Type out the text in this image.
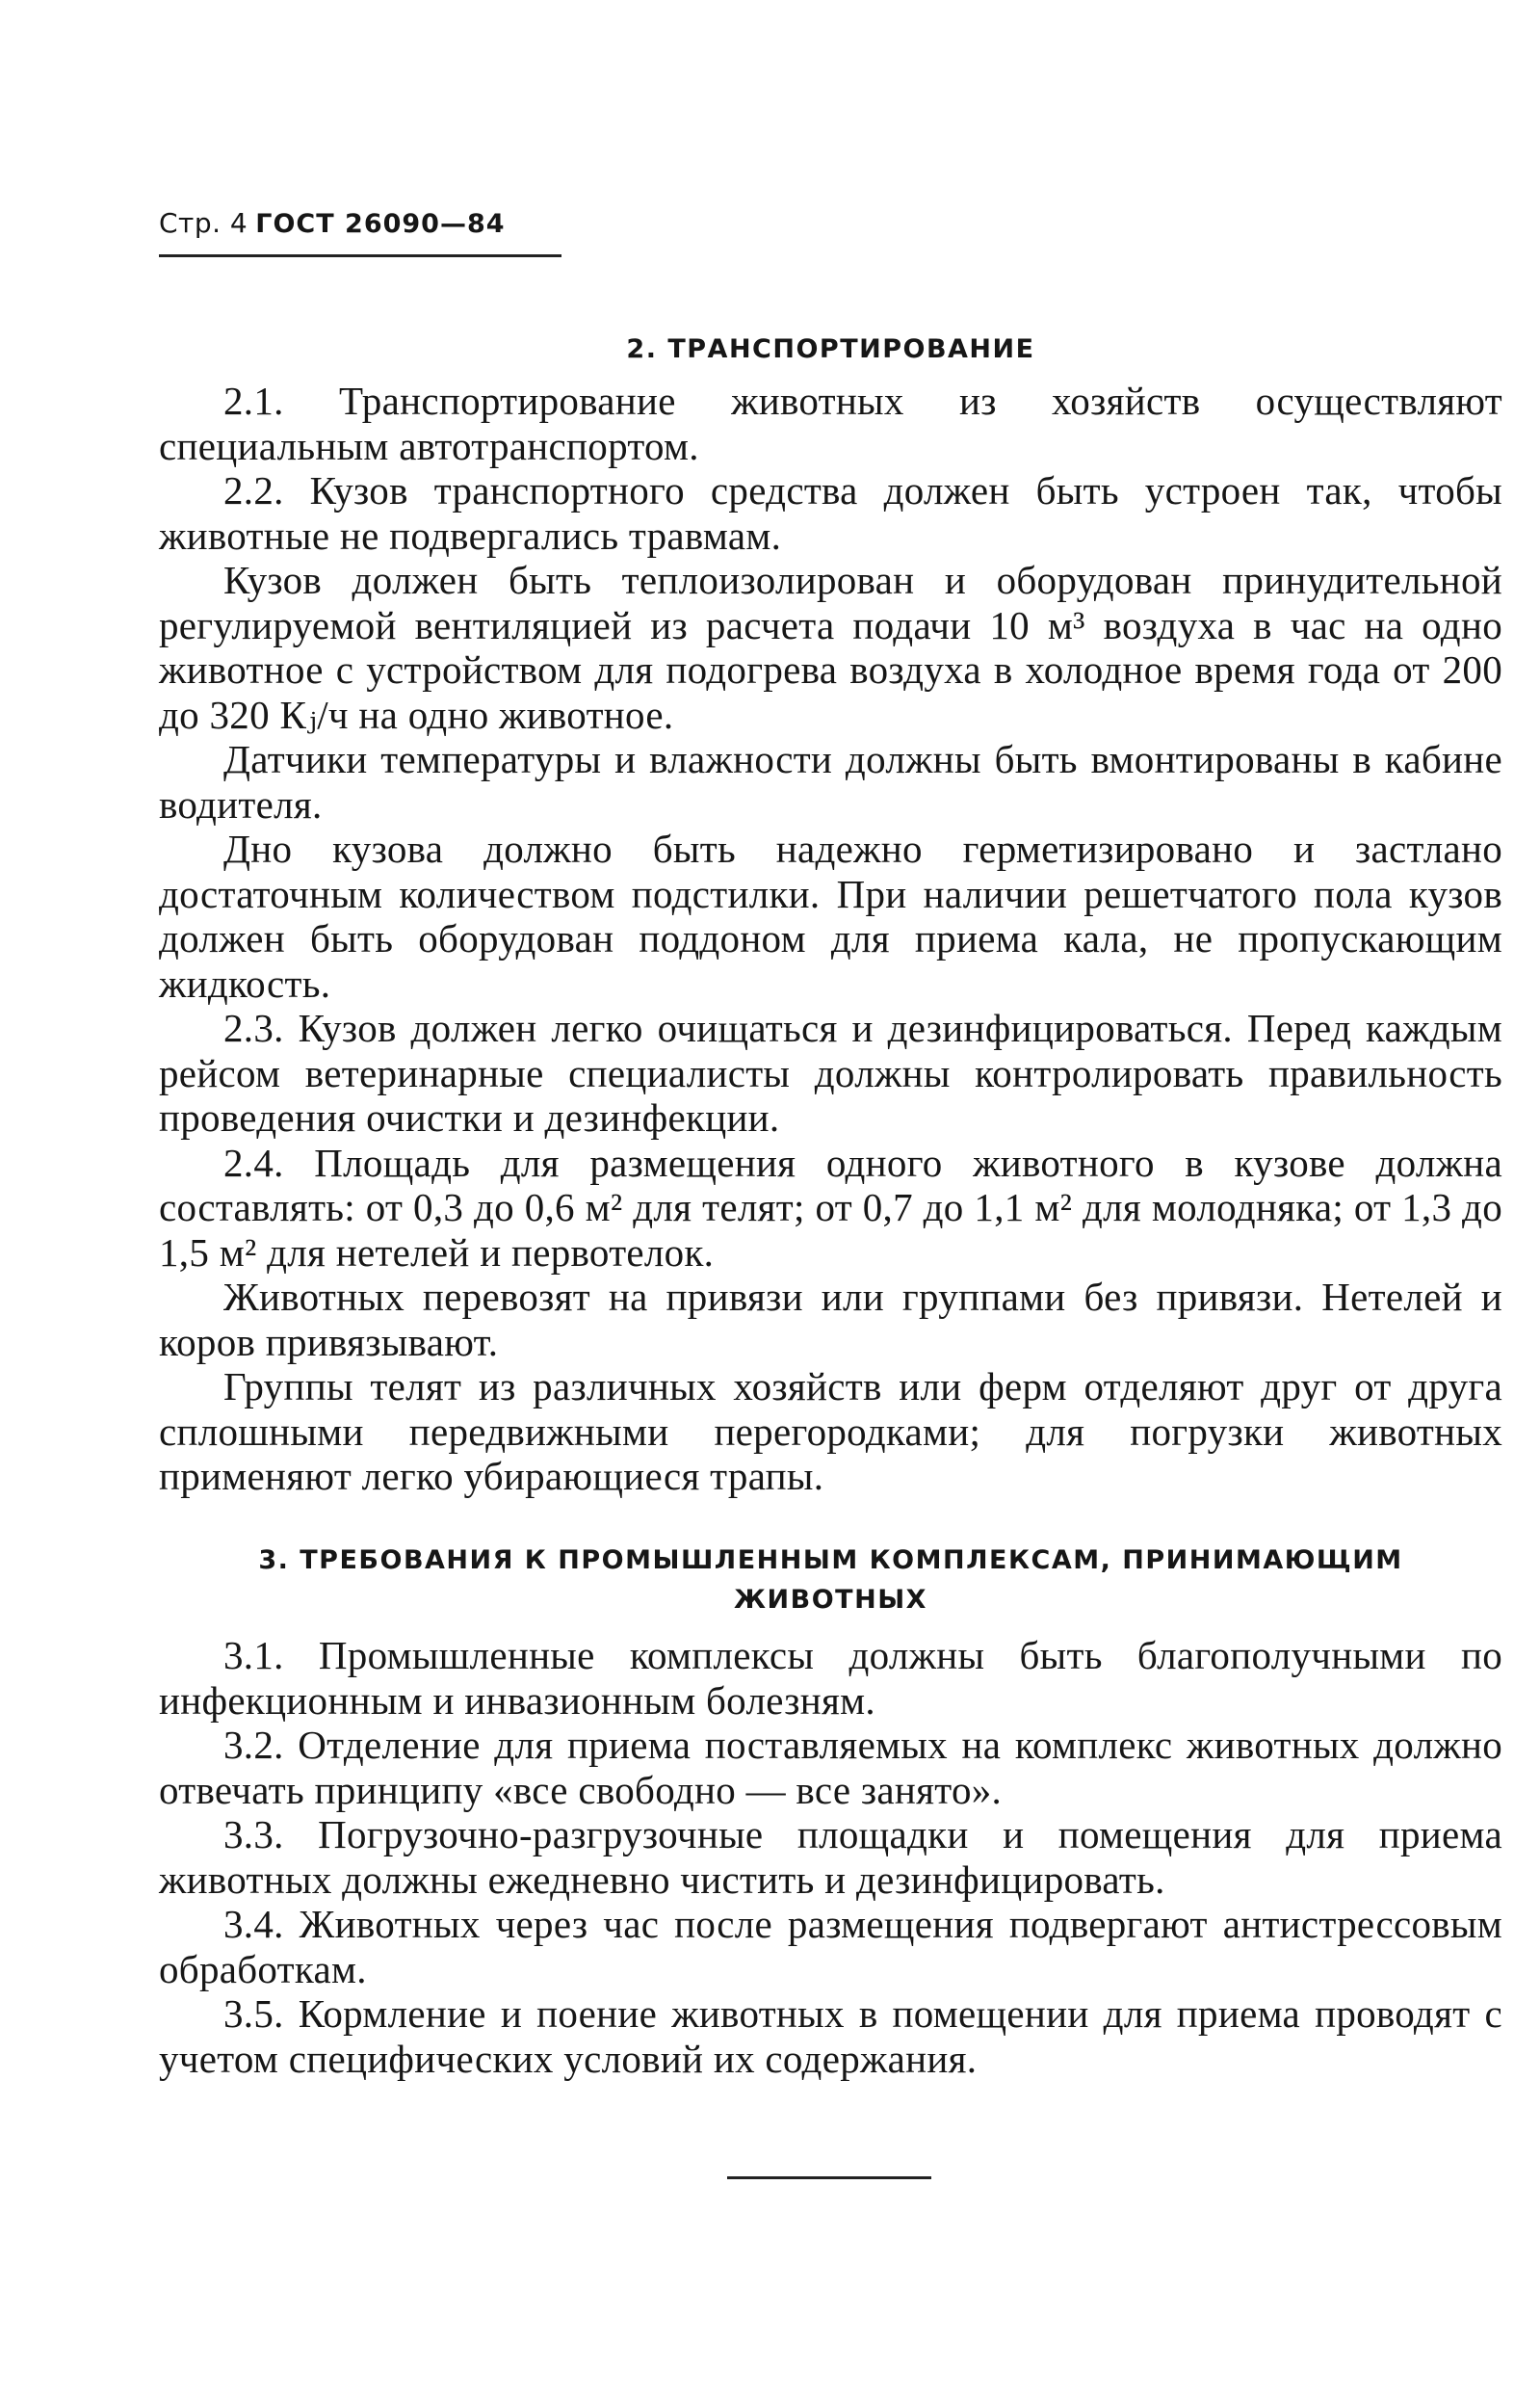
Стр. 4 ГОСТ 26090—84
2. ТРАНСПОРТИРОВАНИЕ

2.1. Транспортирование животных из хозяйств осуществляют специальным автотранспортом.

2.2. Кузов транспортного средства должен быть устроен так, чтобы животные не подвергались травмам.

Кузов должен быть теплоизолирован и оборудован принудительной регулируемой вентиляцией из расчета подачи 10 м³ воздуха в час на одно животное с устройством для подогрева воздуха в холодное время года от 200 до 320 Кⱼ/ч на одно животное.

Датчики температуры и влажности должны быть вмонтированы в кабине водителя.

Дно кузова должно быть надежно герметизировано и застлано достаточным количеством подстилки. При наличии решетчатого пола кузов должен быть оборудован поддоном для приема кала, не пропускающим жидкость.

2.3. Кузов должен легко очищаться и дезинфицироваться. Перед каждым рейсом ветеринарные специалисты должны контролировать правильность проведения очистки и дезинфекции.

2.4. Площадь для размещения одного животного в кузове должна составлять: от 0,3 до 0,6 м² для телят; от 0,7 до 1,1 м² для молодняка; от 1,3 до 1,5 м² для нетелей и первотелок.

Животных перевозят на привязи или группами без привязи. Нетелей и коров привязывают.

Группы телят из различных хозяйств или ферм отделяют друг от друга сплошными передвижными перегородками; для погрузки животных применяют легко убирающиеся трапы.

3. ТРЕБОВАНИЯ К ПРОМЫШЛЕННЫМ КОМПЛЕКСАМ, ПРИНИМАЮЩИМ ЖИВОТНЫХ

3.1. Промышленные комплексы должны быть благополучными по инфекционным и инвазионным болезням.

3.2. Отделение для приема поставляемых на комплекс животных должно отвечать принципу «все свободно — все занято».

3.3. Погрузочно-разгрузочные площадки и помещения для приема животных должны ежедневно чистить и дезинфицировать.

3.4. Животных через час после размещения подвергают антистрессовым обработкам.

3.5. Кормление и поение животных в помещении для приема проводят с учетом специфических условий их содержания.
